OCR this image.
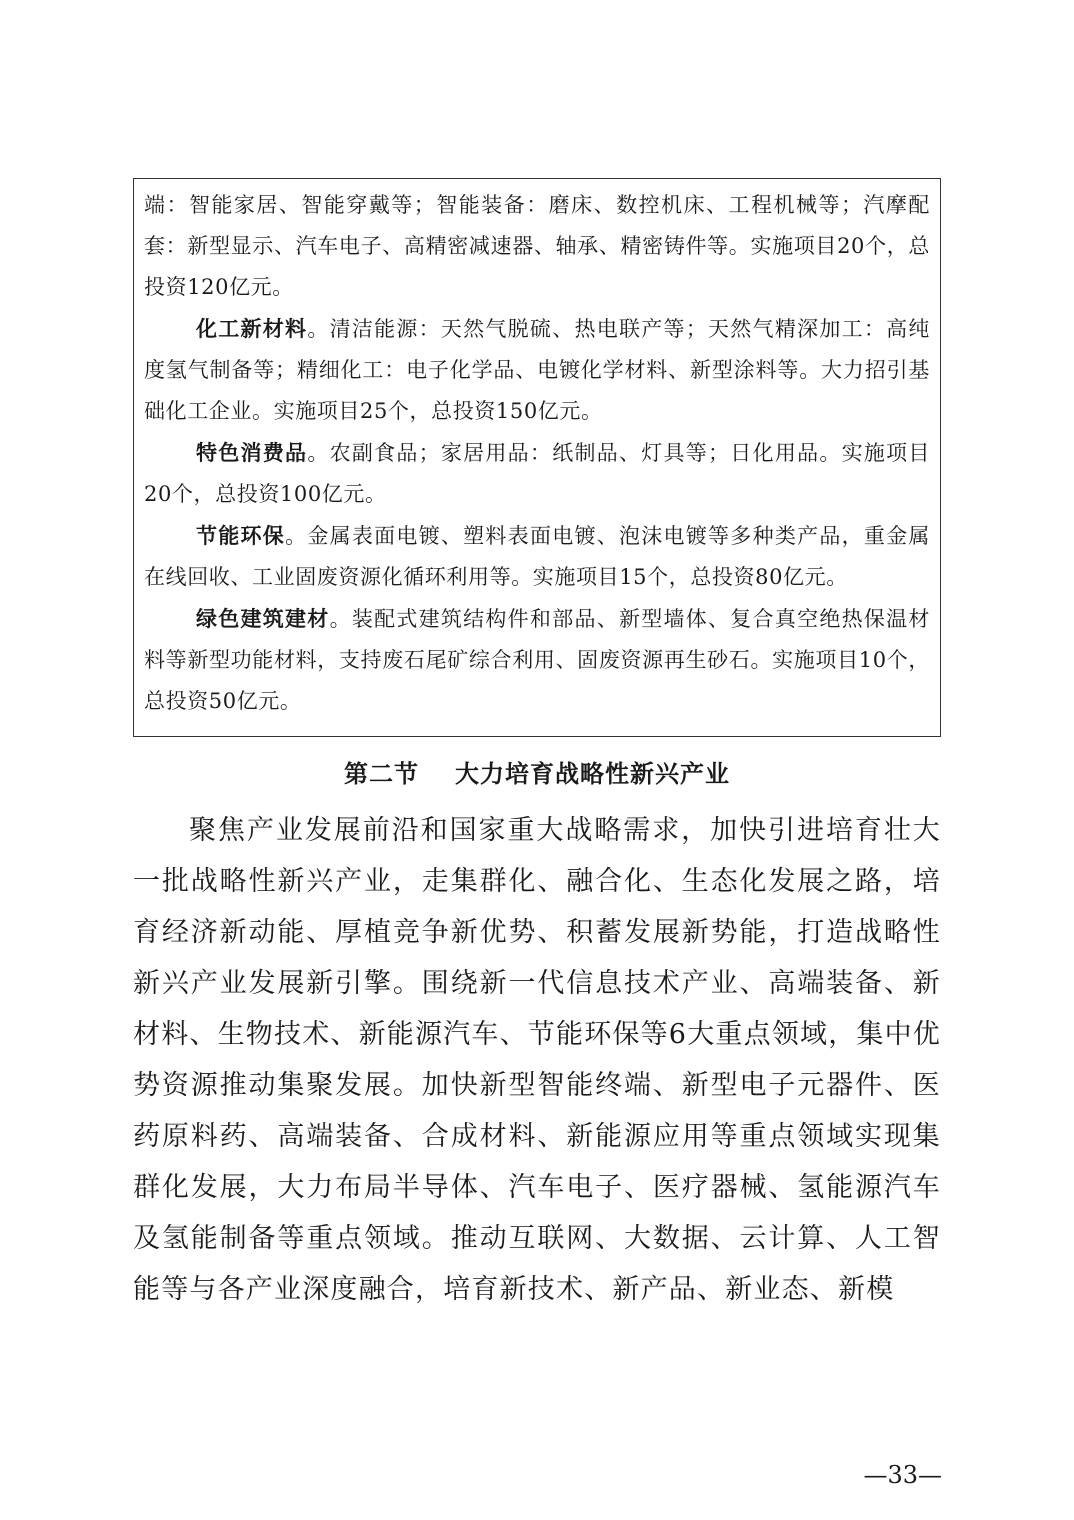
端：智能家居、智能穿戴等；智能装备：磨床、数控机床、工程机械等；汽摩配套：新型显示、汽车电子、高精密减速器、轴承、精密铸件等。实施项目20个，总投资120亿元。

化工新材料。清洁能源：天然气脱硫、热电联产等；天然气精深加工：高纯度氢气制备等；精细化工：电子化学品、电镀化学材料、新型涂料等。大力招引基础化工企业。实施项目25个，总投资150亿元。

特色消费品。农副食品；家居用品：纸制品、灯具等；日化用品。实施项目20个，总投资100亿元。

节能环保。金属表面电镀、塑料表面电镀、泡沫电镀等多种类产品，重金属在线回收、工业固废资源化循环利用等。实施项目15个，总投资80亿元。

绿色建筑建材。装配式建筑结构件和部品、新型墙体、复合真空绝热保温材料等新型功能材料，支持废石尾矿综合利用、固废资源再生砂石。实施项目10个，总投资50亿元。

第二节 大力培育战略性新兴产业

聚焦产业发展前沿和国家重大战略需求，加快引进培育壮大一批战略性新兴产业，走集群化、融合化、生态化发展之路，培育经济新动能、厚植竞争新优势、积蓄发展新势能，打造战略性新兴产业发展新引擎。围绕新一代信息技术产业、高端装备、新材料、生物技术、新能源汽车、节能环保等6大重点领域，集中优势资源推动集聚发展。加快新型智能终端、新型电子元器件、医药原料药、高端装备、合成材料、新能源应用等重点领域实现集群化发展，大力布局半导体、汽车电子、医疗器械、氢能源汽车及氢能制备等重点领域。推动互联网、大数据、云计算、人工智能等与各产业深度融合，培育新技术、新产品、新业态、新模

—33—
